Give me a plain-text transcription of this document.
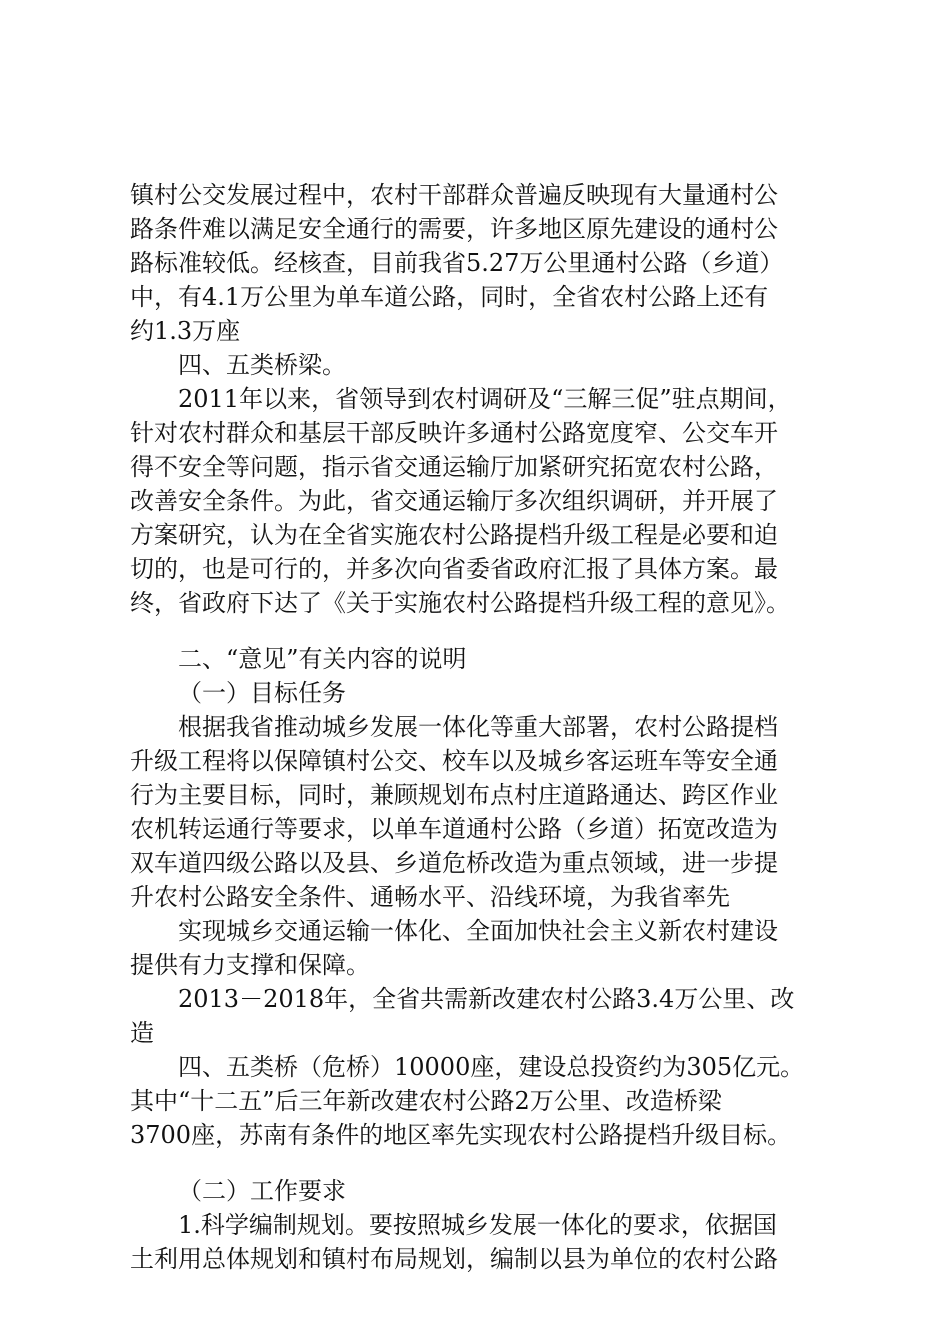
镇村公交发展过程中，农村干部群众普遍反映现有大量通村公
路条件难以满足安全通行的需要，许多地区原先建设的通村公
路标准较低。经核查，目前我省5.27万公里通村公路（乡道）
中，有4.1万公里为单车道公路，同时，全省农村公路上还有
约1.3万座
四、五类桥梁。
2011年以来，省领导到农村调研及“三解三促”驻点期间，
针对农村群众和基层干部反映许多通村公路宽度窄、公交车开
得不安全等问题，指示省交通运输厅加紧研究拓宽农村公路，
改善安全条件。为此，省交通运输厅多次组织调研，并开展了
方案研究，认为在全省实施农村公路提档升级工程是必要和迫
切的，也是可行的，并多次向省委省政府汇报了具体方案。最
终，省政府下达了《关于实施农村公路提档升级工程的意见》。
二、“意见”有关内容的说明
（一）目标任务
根据我省推动城乡发展一体化等重大部署，农村公路提档
升级工程将以保障镇村公交、校车以及城乡客运班车等安全通
行为主要目标，同时，兼顾规划布点村庄道路通达、跨区作业
农机转运通行等要求，以单车道通村公路（乡道）拓宽改造为
双车道四级公路以及县、乡道危桥改造为重点领域，进一步提
升农村公路安全条件、通畅水平、沿线环境，为我省率先
实现城乡交通运输一体化、全面加快社会主义新农村建设
提供有力支撑和保障。
2013－2018年，全省共需新改建农村公路3.4万公里、改
造
四、五类桥（危桥）10000座，建设总投资约为305亿元。
其中“十二五”后三年新改建农村公路2万公里、改造桥梁
3700座，苏南有条件的地区率先实现农村公路提档升级目标。
（二）工作要求
1.科学编制规划。要按照城乡发展一体化的要求，依据国
土利用总体规划和镇村布局规划，编制以县为单位的农村公路
